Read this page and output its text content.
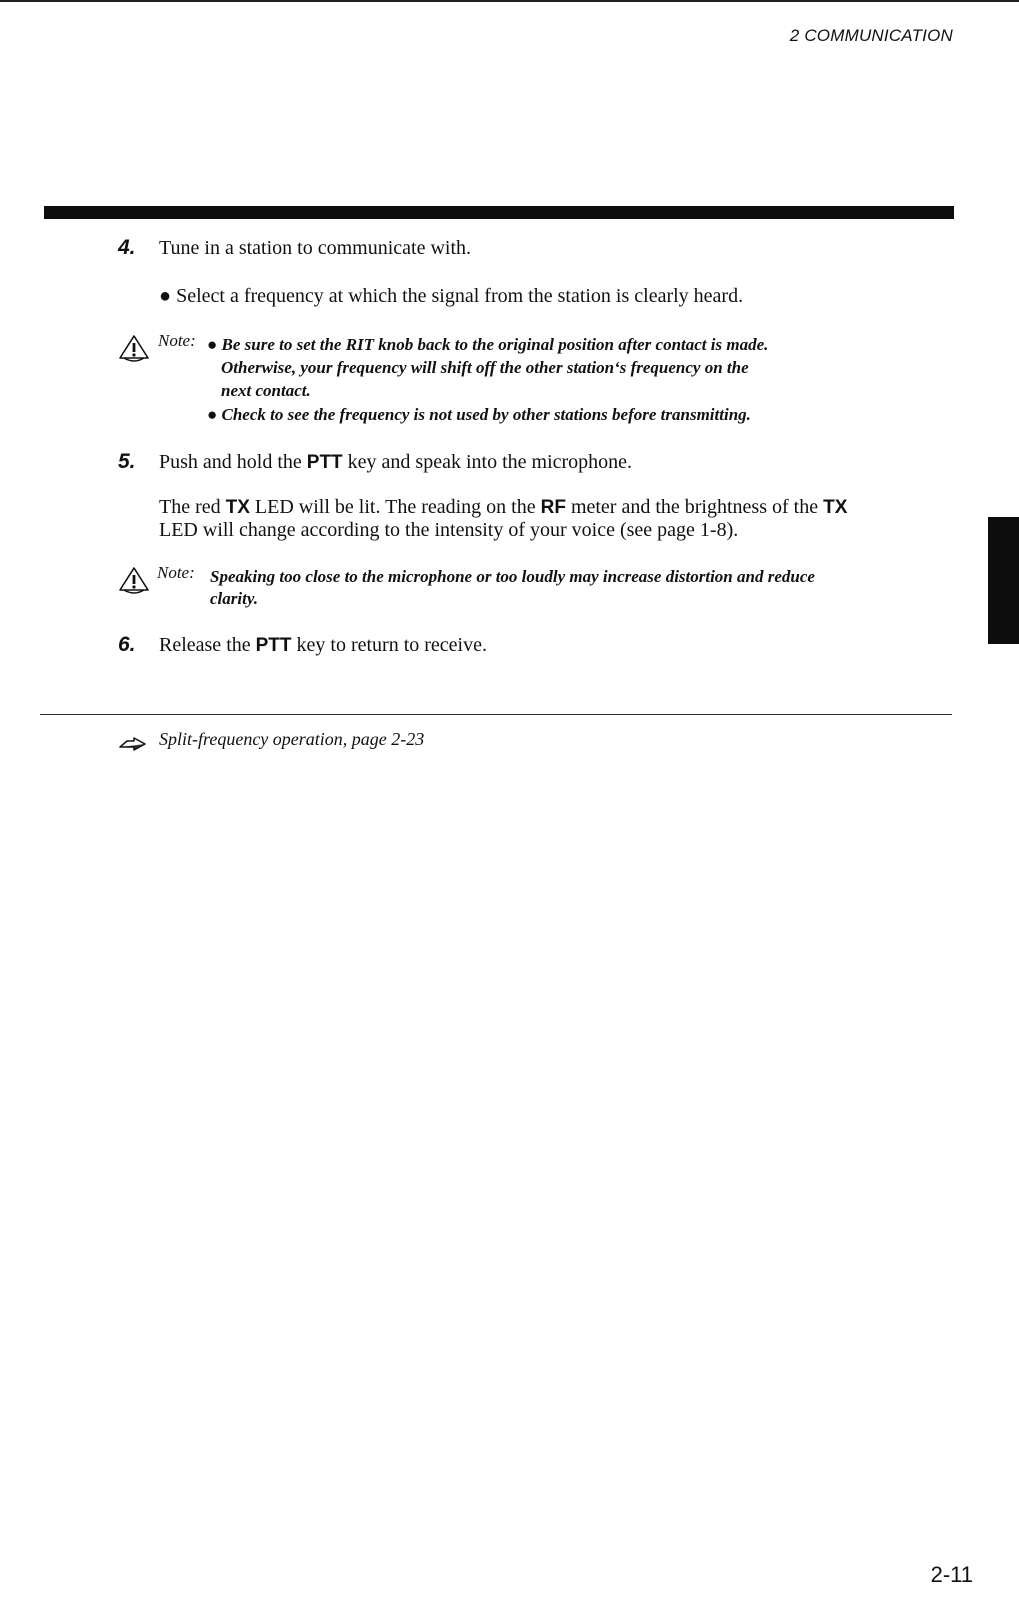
2 COMMUNICATION
4. Tune in a station to communicate with.
● Select a frequency at which the signal from the station is clearly heard.
Note: ● Be sure to set the RIT knob back to the original position after contact is made.
Otherwise, your frequency will shift off the other station‘s frequency on the
next contact.
● Check to see the frequency is not used by other stations before transmitting.
5. Push and hold the PTT key and speak into the microphone.
The red TX LED will be lit. The reading on the RF meter and the brightness of the TX
LED will change according to the intensity of your voice (see page 1-8).
Note: Speaking too close to the microphone or too loudly may increase distortion and reduce
clarity.
6. Release the PTT key to return to receive.
Split-frequency operation, page 2-23
2-11
